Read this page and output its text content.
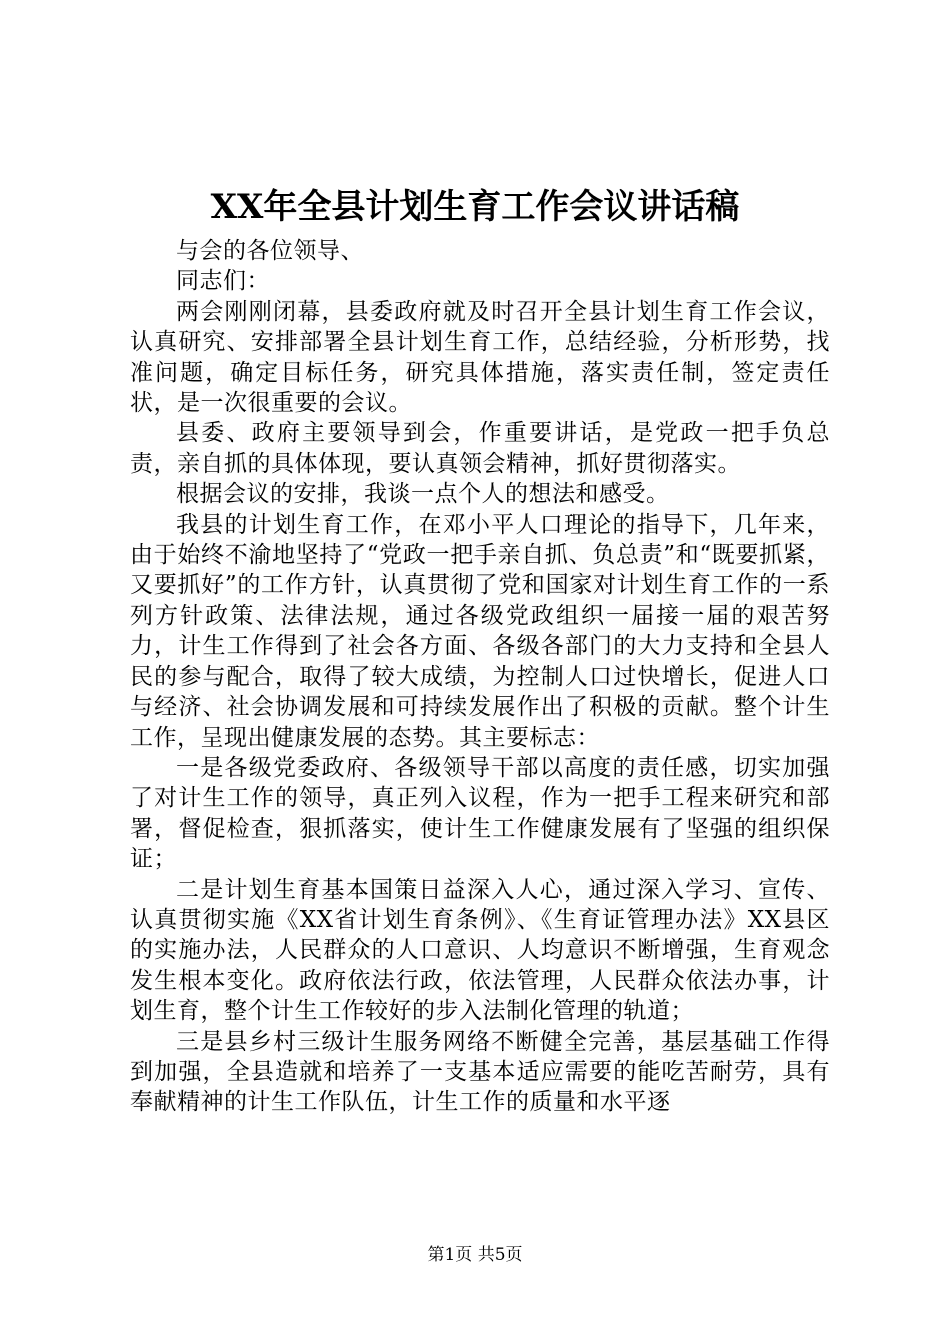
XX年全县计划生育工作会议讲话稿

与会的各位领导、

同志们：

两会刚刚闭幕，县委政府就及时召开全县计划生育工作会议，认真研究、安排部署全县计划生育工作，总结经验，分析形势，找准问题，确定目标任务，研究具体措施，落实责任制，签定责任状，是一次很重要的会议。

县委、政府主要领导到会，作重要讲话，是党政一把手负总责，亲自抓的具体体现，要认真领会精神，抓好贯彻落实。

根据会议的安排，我谈一点个人的想法和感受。

我县的计划生育工作，在邓小平人口理论的指导下，几年来，由于始终不渝地坚持了“党政一把手亲自抓、负总责”和“既要抓紧，又要抓好”的工作方针，认真贯彻了党和国家对计划生育工作的一系列方针政策、法律法规，通过各级党政组织一届接一届的艰苦努力，计生工作得到了社会各方面、各级各部门的大力支持和全县人民的参与配合，取得了较大成绩，为控制人口过快增长，促进人口与经济、社会协调发展和可持续发展作出了积极的贡献。整个计生工作，呈现出健康发展的态势。其主要标志：

一是各级党委政府、各级领导干部以高度的责任感，切实加强了对计生工作的领导，真正列入议程，作为一把手工程来研究和部署，督促检查，狠抓落实，使计生工作健康发展有了坚强的组织保证；

二是计划生育基本国策日益深入人心，通过深入学习、宣传、认真贯彻实施《XX省计划生育条例》、《生育证管理办法》XX县区的实施办法，人民群众的人口意识、人均意识不断增强，生育观念发生根本变化。政府依法行政，依法管理，人民群众依法办事，计划生育，整个计生工作较好的步入法制化管理的轨道；

三是县乡村三级计生服务网络不断健全完善，基层基础工作得到加强，全县造就和培养了一支基本适应需要的能吃苦耐劳，具有奉献精神的计生工作队伍，计生工作的质量和水平逐

第1页 共5页
